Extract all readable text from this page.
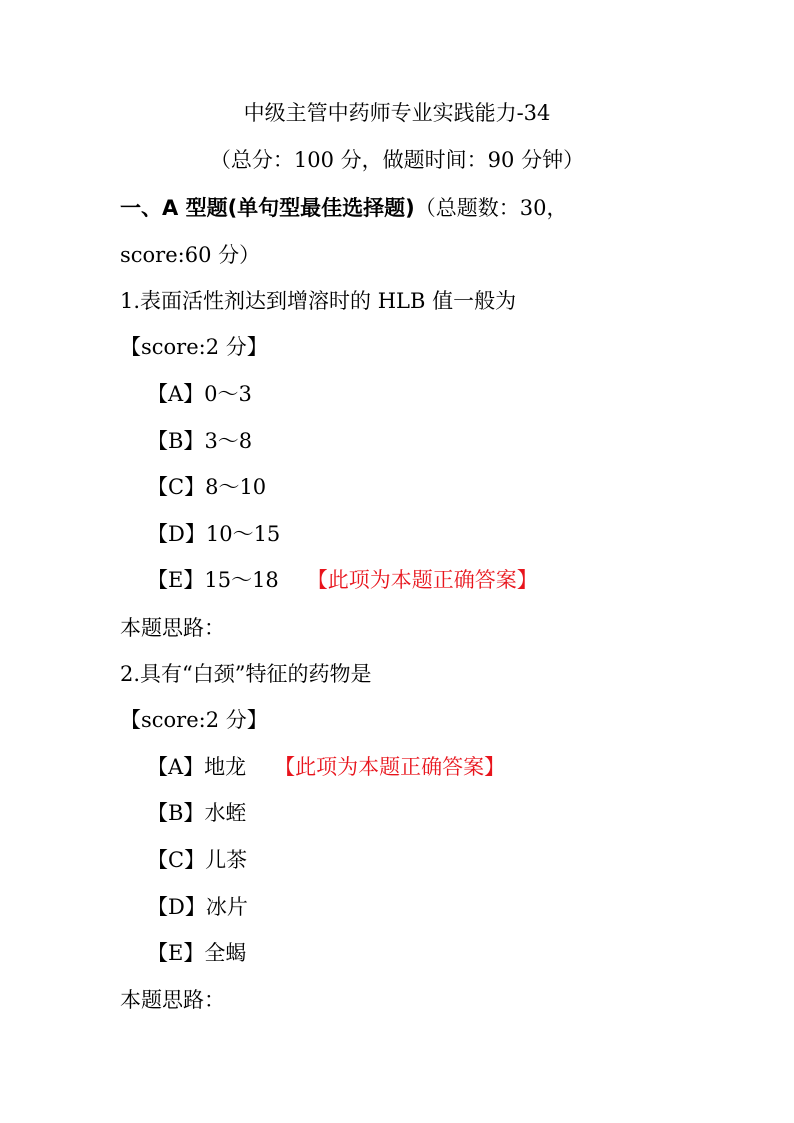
中级主管中药师专业实践能力-34
（总分：100 分，做题时间：90 分钟）
一、A 型题(单句型最佳选择题)（总题数：30，
score:60 分）
1.表面活性剂达到增溶时的 HLB 值一般为
【score:2 分】
【A】0～3
【B】3～8
【C】8～10
【D】10～15
【E】15～18 【此项为本题正确答案】
本题思路：
2.具有“白颈”特征的药物是
【score:2 分】
【A】地龙 【此项为本题正确答案】
【B】水蛭
【C】儿茶
【D】冰片
【E】全蝎
本题思路：
